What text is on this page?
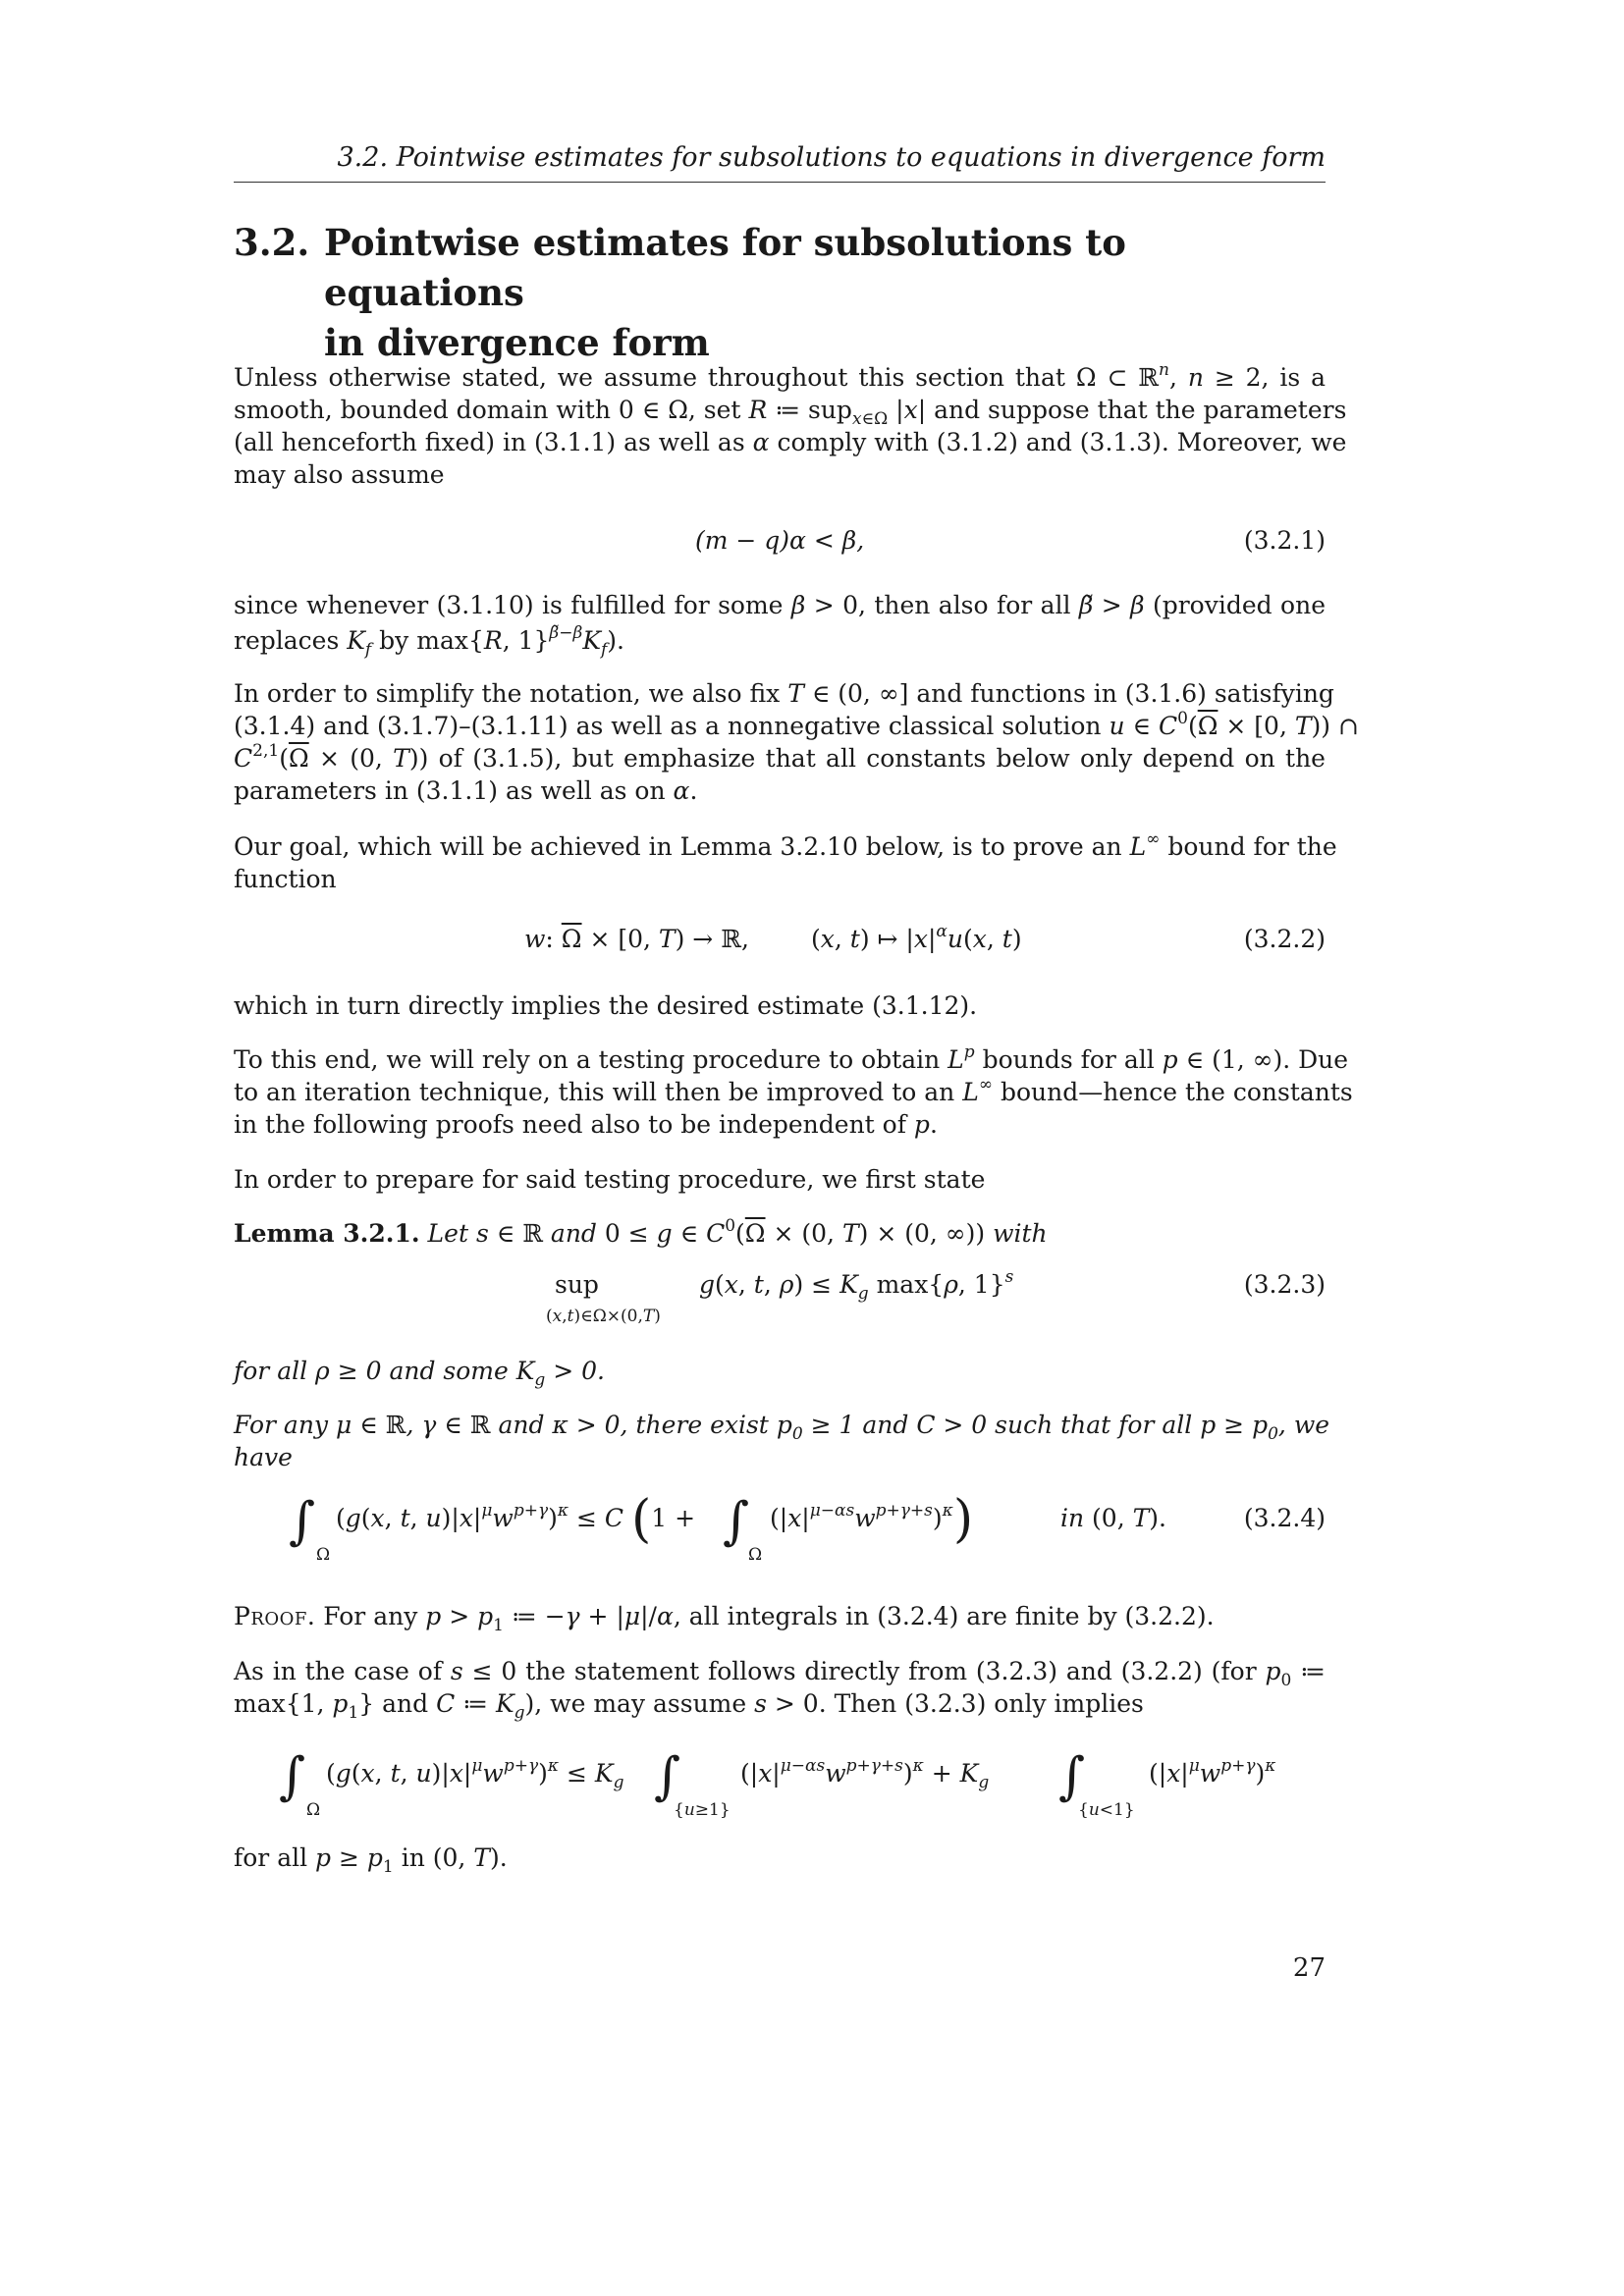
3.2. Pointwise estimates for subsolutions to equations in divergence form
3.2. Pointwise estimates for subsolutions to equations
in divergence form
Unless otherwise stated, we assume throughout this section that Ω ⊂ ℝ$^n$, n ≥ 2, is a
smooth, bounded domain with 0 ∈ Ω, set R ≔ sup$_{x\in\Omega}$ |x| and suppose that the parameters
(all henceforth fixed) in (3.1.1) as well as α comply with (3.1.2) and (3.1.3). Moreover, we
may also assume
(m − q)α < β,	(3.2.1)
since whenever (3.1.10) is fulfilled for some β > 0, then also for all β̃ > β (provided one
replaces $K_f$ by max{R, $1\}^{\betã-\beta}K_f$).
In order to simplify the notation, we also fix T ∈ (0, ∞] and functions in (3.1.6) satisfying
(3.1.4) and (3.1.7)–(3.1.11) as well as a nonnegative classical solution u ∈ $C^0(\overline{\Omega} \times [0$, T)) ∩
$C^{2,1}(\overline{\Omega} \times (0$, T)) of (3.1.5), but emphasize that all constants below only depend on the
parameters in (3.1.1) as well as on α.
Our goal, which will be achieved in Lemma 3.2.10 below, is to prove an L∞ bound for the
function
w: $\overline{\Omega} \times [0$, T) → ℝ,	(x, t) ↦ $|x|^\alpha u(x$, t)	(3.2.2)
which in turn directly implies the desired estimate (3.1.12).
To this end, we will rely on a testing procedure to obtain $L^p$ bounds for all p ∈ (1, ∞). Due
to an iteration technique, this will then be improved to an L∞ bound—hence the constants
in the following proofs need also to be independent of p.
In order to prepare for said testing procedure, we first state
Lemma 3.2.1. Let s ∈ ℝ and 0 ≤ g ∈ $C^0(\overline{\Omega} \times (0$, T) × (0, ∞)) with
sup
(x,t)∈Ω×(0,T)
g(x, t, $\rho) \le K_g$ max{ρ, 1}$^s$	(3.2.3)
for all ρ ≥ 0 and some $K_g > 0$.
For any μ ∈ ℝ, γ ∈ ℝ and κ > 0, there exist $p_0 \ge 1$ and C > 0 such that for all $p \ge p_0$, we
have
∫
Ω
(g(x, t, $u)|x|^\mu w^{p+\gamma})^\kappa \le C$ (1 + ∫
Ω
$(|x|^{\mu-\alpha s}w^{p+\gamma+s})^\kappa$)	in (0, T).	(3.2.4)
Proof. For any $p > p_1$ ≔ −γ + |μ|/α, all integrals in (3.2.4) are finite by (3.2.2).
As in the case of s ≤ 0 the statement follows directly from (3.2.3) and (3.2.2) (for $p_0$ ≔
max{1, $p_1$} and C ≔ $K_g$), we may assume s > 0. Then (3.2.3) only implies
∫
Ω
(g(x, t, $u)|x|^\mu w^{p+\gamma})^\kappa \le K_g$ ∫
{u≥1}
$(|x|^{\mu-\alpha s}w^{p+\gamma+s})^\kappa + K_g$ ∫
{u<1}
$(|x|^\mu w^{p+\gamma})^\kappa$
for all $p \ge p_1$ in (0, T).
27
